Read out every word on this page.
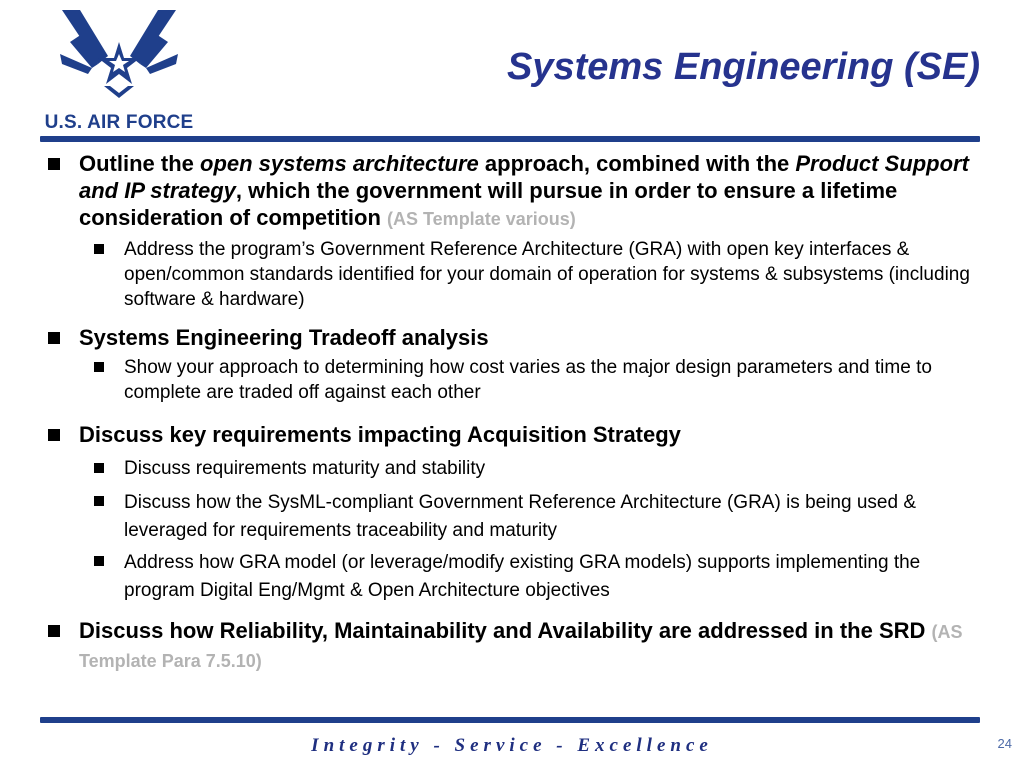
U.S. AIR FORCE
Systems Engineering (SE)
Outline the open systems architecture approach, combined with the Product Support and IP strategy, which the government will pursue in order to ensure a lifetime consideration of competition (AS Template various)
Address the program’s Government Reference Architecture (GRA) with open key interfaces & open/common standards identified for your domain of operation for systems & subsystems (including software & hardware)
Systems Engineering Tradeoff analysis
Show your approach to determining how cost varies as the major design parameters and time to complete are traded off against each other
Discuss key requirements impacting Acquisition Strategy
Discuss requirements maturity and stability
Discuss how the SysML-compliant Government Reference Architecture (GRA) is being used & leveraged for requirements traceability and maturity
Address how GRA model (or leverage/modify existing GRA models) supports implementing the program Digital Eng/Mgmt & Open Architecture objectives
Discuss how Reliability, Maintainability and Availability are addressed in the SRD (AS Template Para 7.5.10)
Integrity - Service - Excellence	24
